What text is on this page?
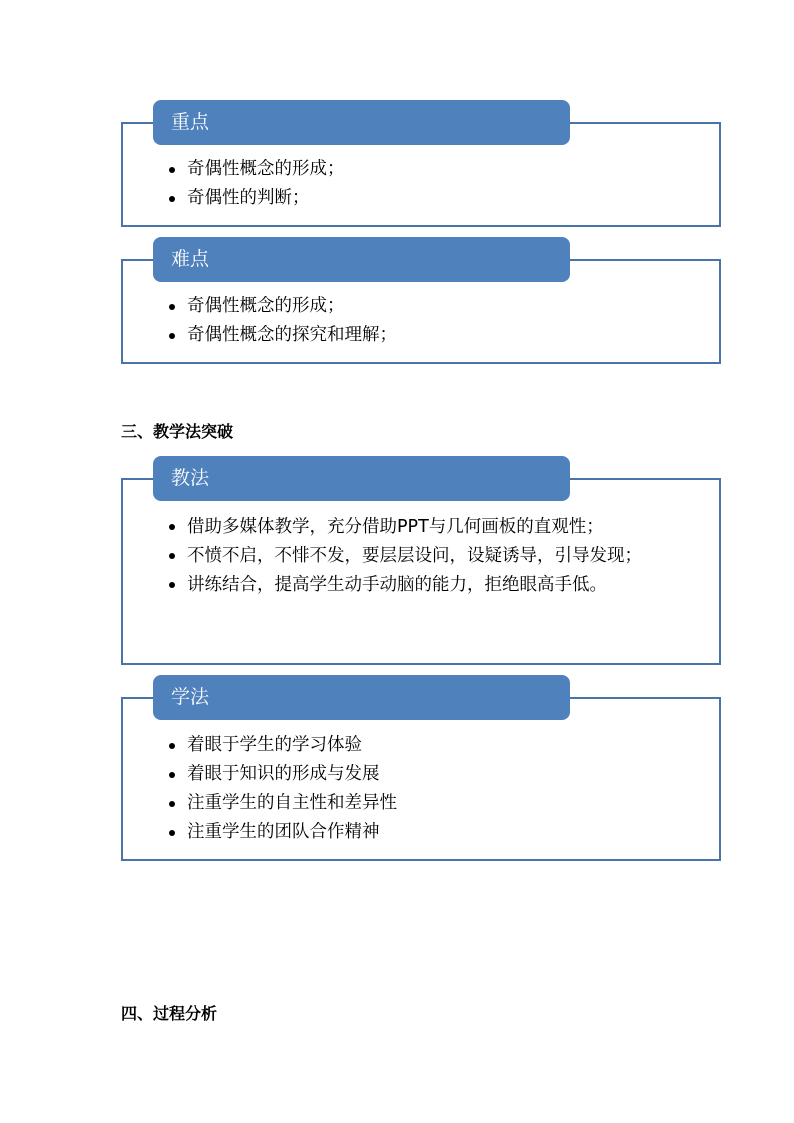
重点
奇偶性概念的形成；
奇偶性的判断；
难点
奇偶性概念的形成；
奇偶性概念的探究和理解；
三、教学法突破
教法
借助多媒体教学，充分借助PPT与几何画板的直观性；
不愤不启，不悱不发，要层层设问，设疑诱导，引导发现；
讲练结合，提高学生动手动脑的能力，拒绝眼高手低。
学法
着眼于学生的学习体验
着眼于知识的形成与发展
注重学生的自主性和差异性
注重学生的团队合作精神
四、过程分析
